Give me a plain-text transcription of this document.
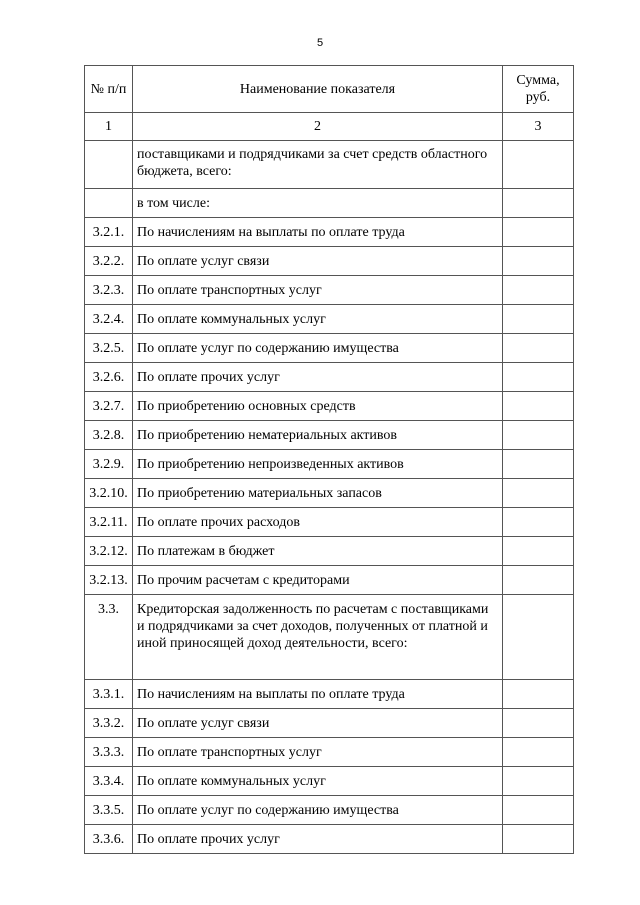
5
№ п/п	Наименование показателя	Сумма, руб.
1	2	3
	поставщиками и подрядчиками за счет средств областного бюджета, всего:	
	в том числе:	
3.2.1.	По начислениям на выплаты по оплате труда	
3.2.2.	По оплате услуг связи	
3.2.3.	По оплате транспортных услуг	
3.2.4.	По оплате коммунальных услуг	
3.2.5.	По оплате услуг по содержанию имущества	
3.2.6.	По оплате прочих услуг	
3.2.7.	По приобретению основных средств	
3.2.8.	По приобретению нематериальных активов	
3.2.9.	По приобретению непроизведенных активов	
3.2.10.	По приобретению материальных запасов	
3.2.11.	По оплате прочих расходов	
3.2.12.	По платежам в бюджет	
3.2.13.	По прочим расчетам с кредиторами	
3.3.	Кредиторская задолженность по расчетам с поставщиками и подрядчиками за счет доходов, полученных от платной и иной приносящей доход деятельности, всего:	
3.3.1.	По начислениям на выплаты по оплате труда	
3.3.2.	По оплате услуг связи	
3.3.3.	По оплате транспортных услуг	
3.3.4.	По оплате коммунальных услуг	
3.3.5.	По оплате услуг по содержанию имущества	
3.3.6.	По оплате прочих услуг	
